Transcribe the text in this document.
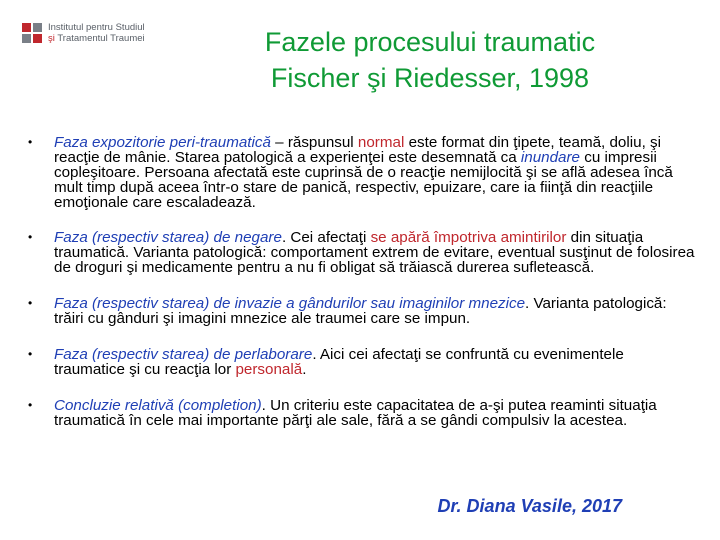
Institutul pentru Studiul
şi Tratamentul Traumei	Fazele procesului traumatic
Fischer şi Riedesser, 1998
•	Faza expozitorie peri-traumatică – răspunsul normal este format din ţipete, teamă, doliu, şi reacţie de mânie. Starea patologică a experienţei este desemnată ca inundare cu impresii copleşitoare. Persoana afectată este cuprinsă de o reacţie nemijlocită şi se află adesea încă mult timp după aceea într-o stare de panică, respectiv, epuizare, care ia fiinţă din reacţiile emoţionale care escaladează.
•	Faza (respectiv starea) de negare. Cei afectaţi se apără împotriva amintirilor din situaţia traumatică. Varianta patologică: comportament extrem de evitare, eventual susţinut de folosirea de droguri şi medicamente pentru a nu fi obligat să trăiască durerea sufletească.
•	Faza (respectiv starea) de invazie a gândurilor sau imaginilor mnezice. Varianta patologică: trăiri cu gânduri şi imagini mnezice ale traumei care se impun.
•	Faza (respectiv starea) de perlaborare. Aici cei afectaţi se confruntă cu evenimentele traumatice şi cu reacţia lor personală.
•	Concluzie relativă (completion). Un criteriu este capacitatea de a-şi putea reaminti situaţia traumatică în cele mai importante părţi ale sale, fără a se gândi compulsiv la acestea.
Dr. Diana Vasile, 2017
